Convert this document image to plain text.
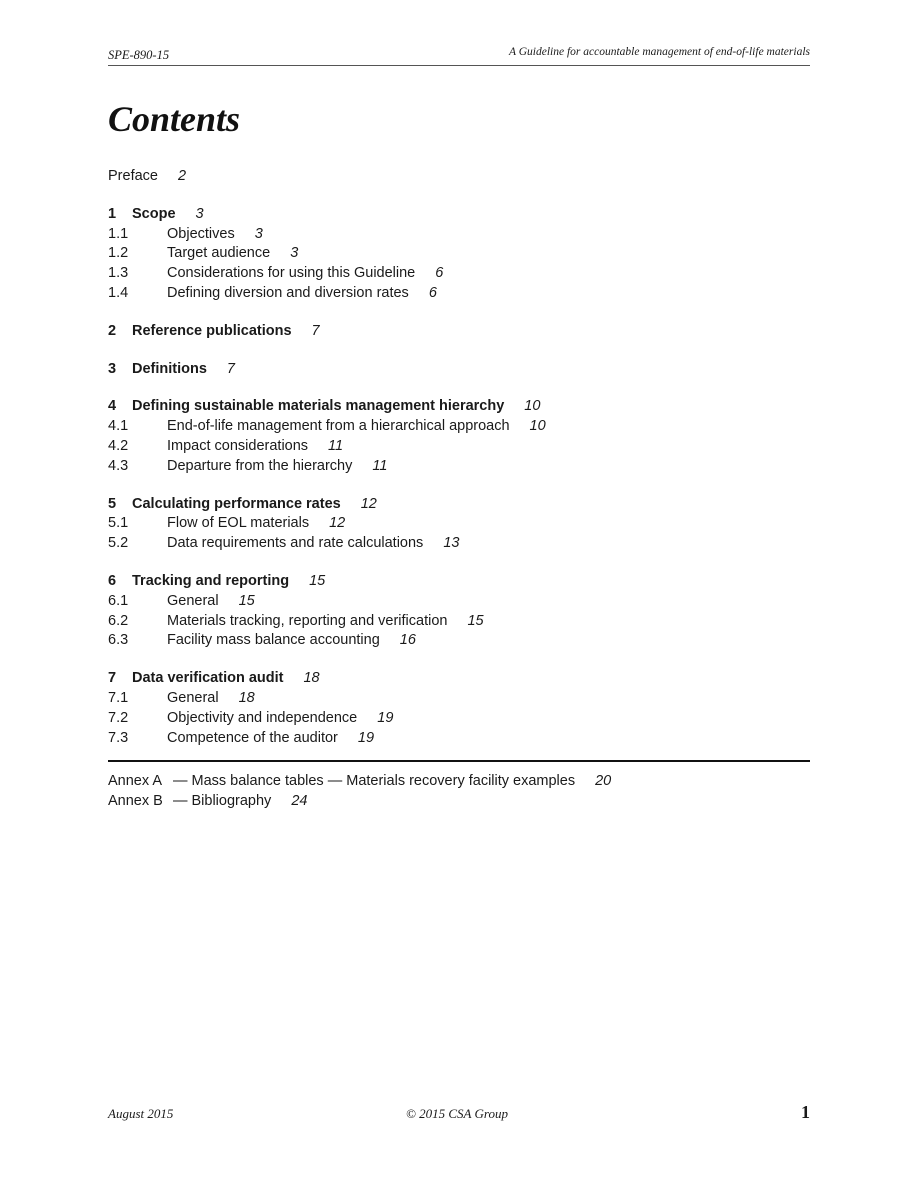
SPE-890-15	A Guideline for accountable management of end-of-life materials
Contents
Preface 2
1 Scope 3
1.1	Objectives 3
1.2	Target audience 3
1.3	Considerations for using this Guideline 6
1.4	Defining diversion and diversion rates 6
2 Reference publications 7
3 Definitions 7
4 Defining sustainable materials management hierarchy 10
4.1	End-of-life management from a hierarchical approach 10
4.2	Impact considerations 11
4.3	Departure from the hierarchy 11
5 Calculating performance rates 12
5.1	Flow of EOL materials 12
5.2	Data requirements and rate calculations 13
6 Tracking and reporting 15
6.1	General 15
6.2	Materials tracking, reporting and verification 15
6.3	Facility mass balance accounting 16
7 Data verification audit 18
7.1	General 18
7.2	Objectivity and independence 19
7.3	Competence of the auditor 19
Annex A — Mass balance tables — Materials recovery facility examples 20
Annex B — Bibliography 24
August 2015	© 2015 CSA Group	1
